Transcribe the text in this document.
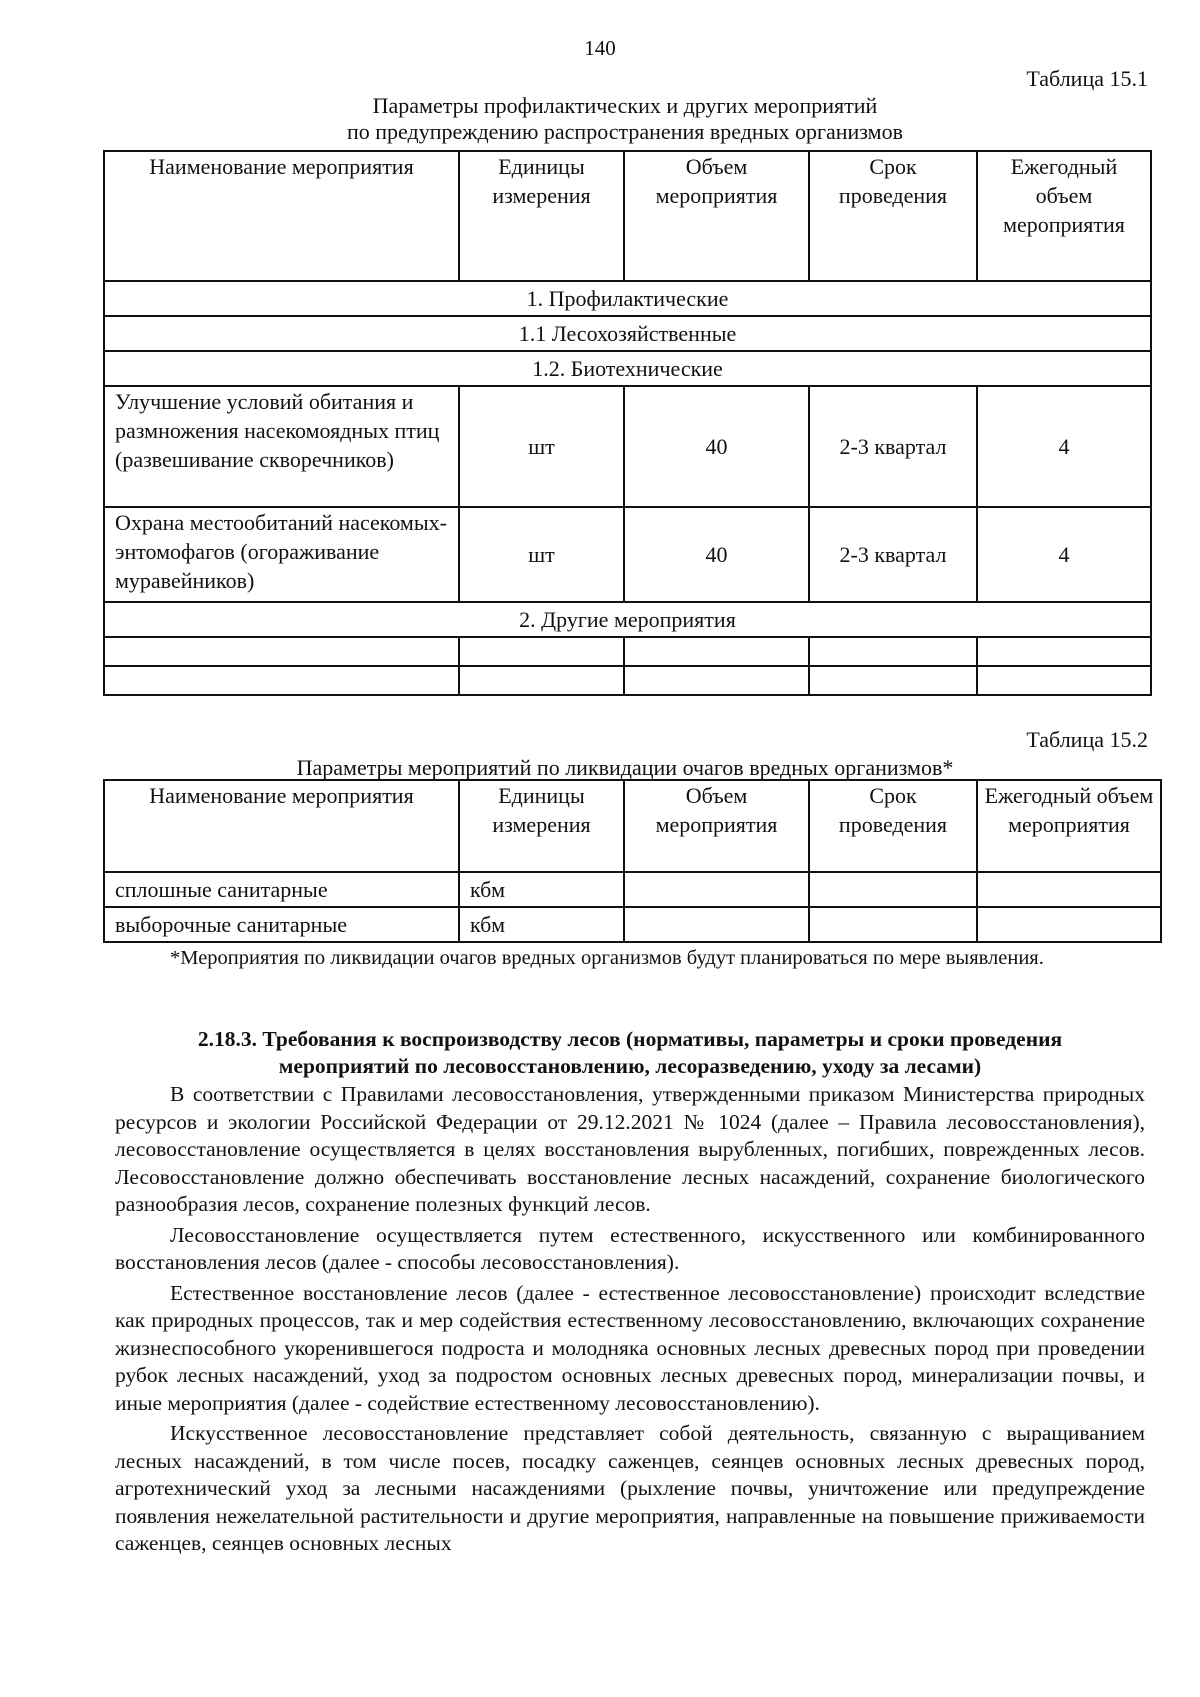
140
Таблица 15.1
Параметры профилактических и других мероприятий
по предупреждению распространения вредных организмов
Наименование мероприятия	Единицы измерения	Объем мероприятия	Срок проведения	Ежегодный объем мероприятия
1. Профилактические				
1.1 Лесохозяйственные				
1.2. Биотехнические				
Улучшение условий обитания и размножения насекомоядных птиц (развешивание скворечников)	шт	40	2-3 квартал	4
Охрана местообитаний насекомых-энтомофагов (огораживание муравейников)	шт	40	2-3 квартал	4
2. Другие мероприятия				

Таблица 15.2
Параметры мероприятий по ликвидации очагов вредных организмов*
Наименование мероприятия	Единицы измерения	Объем мероприятия	Срок проведения	Ежегодный объем мероприятия
сплошные санитарные	кбм			
выборочные санитарные	кбм			
*Мероприятия по ликвидации очагов вредных организмов будут планироваться по мере выявления.
2.18.3. Требования к воспроизводству лесов (нормативы, параметры и сроки проведения
мероприятий по лесовосстановлению, лесоразведению, уходу за лесами)

В соответствии с Правилами лесовосстановления, утвержденными приказом Министерства природных ресурсов и экологии Российской Федерации от 29.12.2021 № 1024 (далее – Правила лесовосстановления), лесовосстановление осуществляется в целях восстановления вырубленных, погибших, поврежденных лесов. Лесовосстановление должно обеспечивать восстановление лесных насаждений, сохранение биологического разнообразия лесов, сохранение полезных функций лесов.

Лесовосстановление осуществляется путем естественного, искусственного или комбинированного восстановления лесов (далее - способы лесовосстановления).

Естественное восстановление лесов (далее - естественное лесовосстановление) происходит вследствие как природных процессов, так и мер содействия естественному лесовосстановлению, включающих сохранение жизнеспособного укоренившегося подроста и молодняка основных лесных древесных пород при проведении рубок лесных насаждений, уход за подростом основных лесных древесных пород, минерализации почвы, и иные мероприятия (далее - содействие естественному лесовосстановлению).

Искусственное лесовосстановление представляет собой деятельность, связанную с выращиванием лесных насаждений, в том числе посев, посадку саженцев, сеянцев основных лесных древесных пород, агротехнический уход за лесными насаждениями (рыхление почвы, уничтожение или предупреждение появления нежелательной растительности и другие мероприятия, направленные на повышение приживаемости саженцев, сеянцев основных лесных
